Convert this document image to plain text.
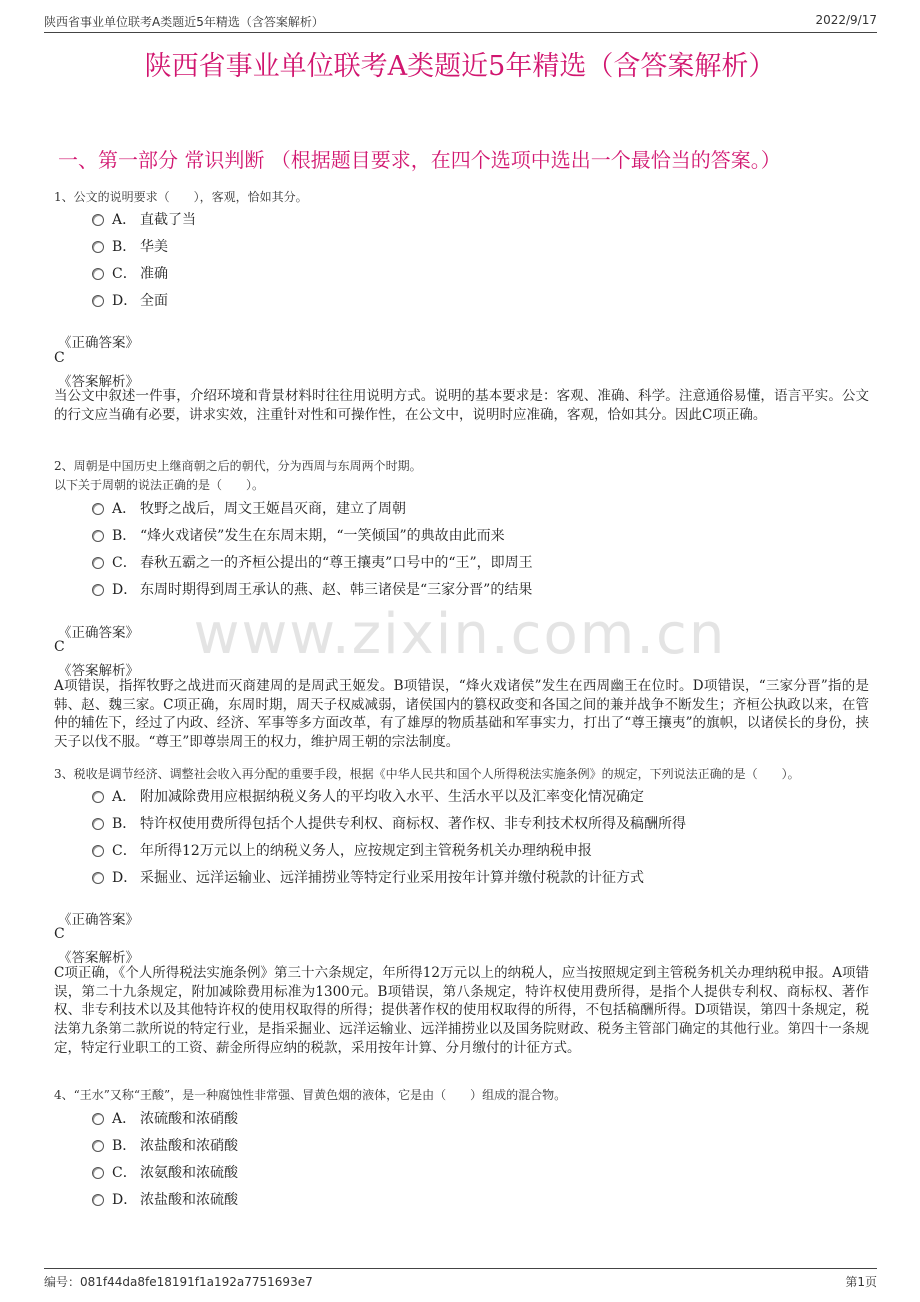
陕西省事业单位联考A类题近5年精选（含答案解析）	2022/9/17
陕西省事业单位联考A类题近5年精选（含答案解析）
一、第一部分 常识判断 （根据题目要求，在四个选项中选出一个最恰当的答案。）
www.zixin.com.cn
1、公文的说明要求（　　），客观，恰如其分。
A． 直截了当
B． 华美
C． 准确
D． 全面
《正确答案》
C
《答案解析》
当公文中叙述一件事，介绍环境和背景材料时往往用说明方式。说明的基本要求是：客观、准确、科学。注意通俗易懂，语言平实。公文的行文应当确有必要，讲求实效，注重针对性和可操作性，在公文中，说明时应准确，客观，恰如其分。因此C项正确。
2、周朝是中国历史上继商朝之后的朝代，分为西周与东周两个时期。
以下关于周朝的说法正确的是（　　）。
A． 牧野之战后，周文王姬昌灭商，建立了周朝
B． “烽火戏诸侯”发生在东周末期，“一笑倾国”的典故由此而来
C． 春秋五霸之一的齐桓公提出的“尊王攘夷”口号中的“王”，即周王
D． 东周时期得到周王承认的燕、赵、韩三诸侯是“三家分晋”的结果
《正确答案》
C
《答案解析》
A项错误，指挥牧野之战进而灭商建周的是周武王姬发。B项错误，“烽火戏诸侯”发生在西周幽王在位时。D项错误，“三家分晋”指的是韩、赵、魏三家。C项正确，东周时期，周天子权威减弱，诸侯国内的篡权政变和各国之间的兼并战争不断发生；齐桓公执政以来，在管仲的辅佐下，经过了内政、经济、军事等多方面改革，有了雄厚的物质基础和军事实力，打出了“尊王攘夷”的旗帜，以诸侯长的身份，挟天子以伐不服。“尊王”即尊崇周王的权力，维护周王朝的宗法制度。
3、税收是调节经济、调整社会收入再分配的重要手段，根据《中华人民共和国个人所得税法实施条例》的规定，下列说法正确的是（　　）。
A． 附加减除费用应根据纳税义务人的平均收入水平、生活水平以及汇率变化情况确定
B． 特许权使用费所得包括个人提供专利权、商标权、著作权、非专利技术权所得及稿酬所得
C． 年所得12万元以上的纳税义务人，应按规定到主管税务机关办理纳税申报
D． 采掘业、远洋运输业、远洋捕捞业等特定行业采用按年计算并缴付税款的计征方式
《正确答案》
C
《答案解析》
C项正确，《个人所得税法实施条例》第三十六条规定，年所得12万元以上的纳税人，应当按照规定到主管税务机关办理纳税申报。A项错误，第二十九条规定，附加减除费用标准为1300元。B项错误，第八条规定，特许权使用费所得，是指个人提供专利权、商标权、著作权、非专利技术以及其他特许权的使用权取得的所得；提供著作权的使用权取得的所得，不包括稿酬所得。D项错误，第四十条规定，税法第九条第二款所说的特定行业，是指采掘业、远洋运输业、远洋捕捞业以及国务院财政、税务主管部门确定的其他行业。第四十一条规定，特定行业职工的工资、薪金所得应纳的税款，采用按年计算、分月缴付的计征方式。
4、“王水”又称“王酸”，是一种腐蚀性非常强、冒黄色烟的液体，它是由（　　）组成的混合物。
A． 浓硫酸和浓硝酸
B． 浓盐酸和浓硝酸
C． 浓氨酸和浓硫酸
D． 浓盐酸和浓硫酸
编号：081f44da8fe18191f1a192a7751693e7	第1页
